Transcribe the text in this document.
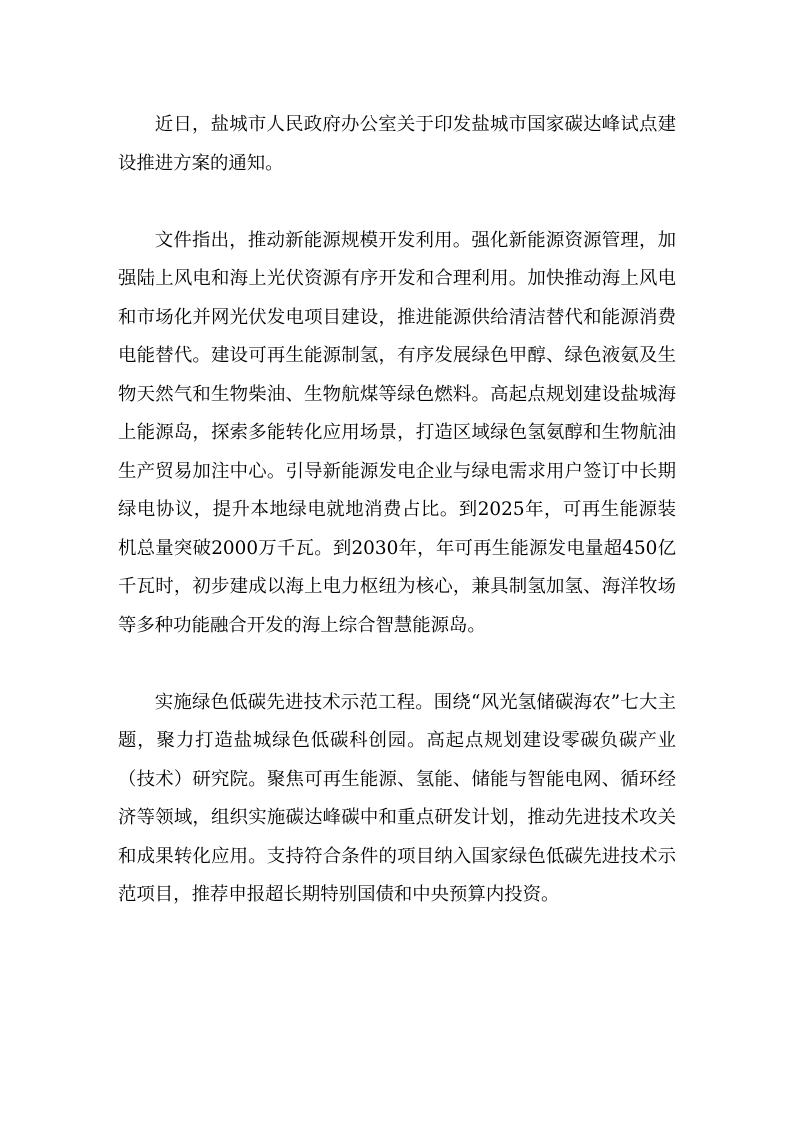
近日，盐城市人民政府办公室关于印发盐城市国家碳达峰试点建设推进方案的通知。

文件指出，推动新能源规模开发利用。强化新能源资源管理，加强陆上风电和海上光伏资源有序开发和合理利用。加快推动海上风电和市场化并网光伏发电项目建设，推进能源供给清洁替代和能源消费电能替代。建设可再生能源制氢，有序发展绿色甲醇、绿色液氨及生物天然气和生物柴油、生物航煤等绿色燃料。高起点规划建设盐城海上能源岛，探索多能转化应用场景，打造区域绿色氢氨醇和生物航油生产贸易加注中心。引导新能源发电企业与绿电需求用户签订中长期绿电协议，提升本地绿电就地消费占比。到2025年，可再生能源装机总量突破2000万千瓦。到2030年，年可再生能源发电量超450亿千瓦时，初步建成以海上电力枢纽为核心，兼具制氢加氢、海洋牧场等多种功能融合开发的海上综合智慧能源岛。

实施绿色低碳先进技术示范工程。围绕“风光氢储碳海农”七大主题，聚力打造盐城绿色低碳科创园。高起点规划建设零碳负碳产业（技术）研究院。聚焦可再生能源、氢能、储能与智能电网、循环经济等领域，组织实施碳达峰碳中和重点研发计划，推动先进技术攻关和成果转化应用。支持符合条件的项目纳入国家绿色低碳先进技术示范项目，推荐申报超长期特别国债和中央预算内投资。
